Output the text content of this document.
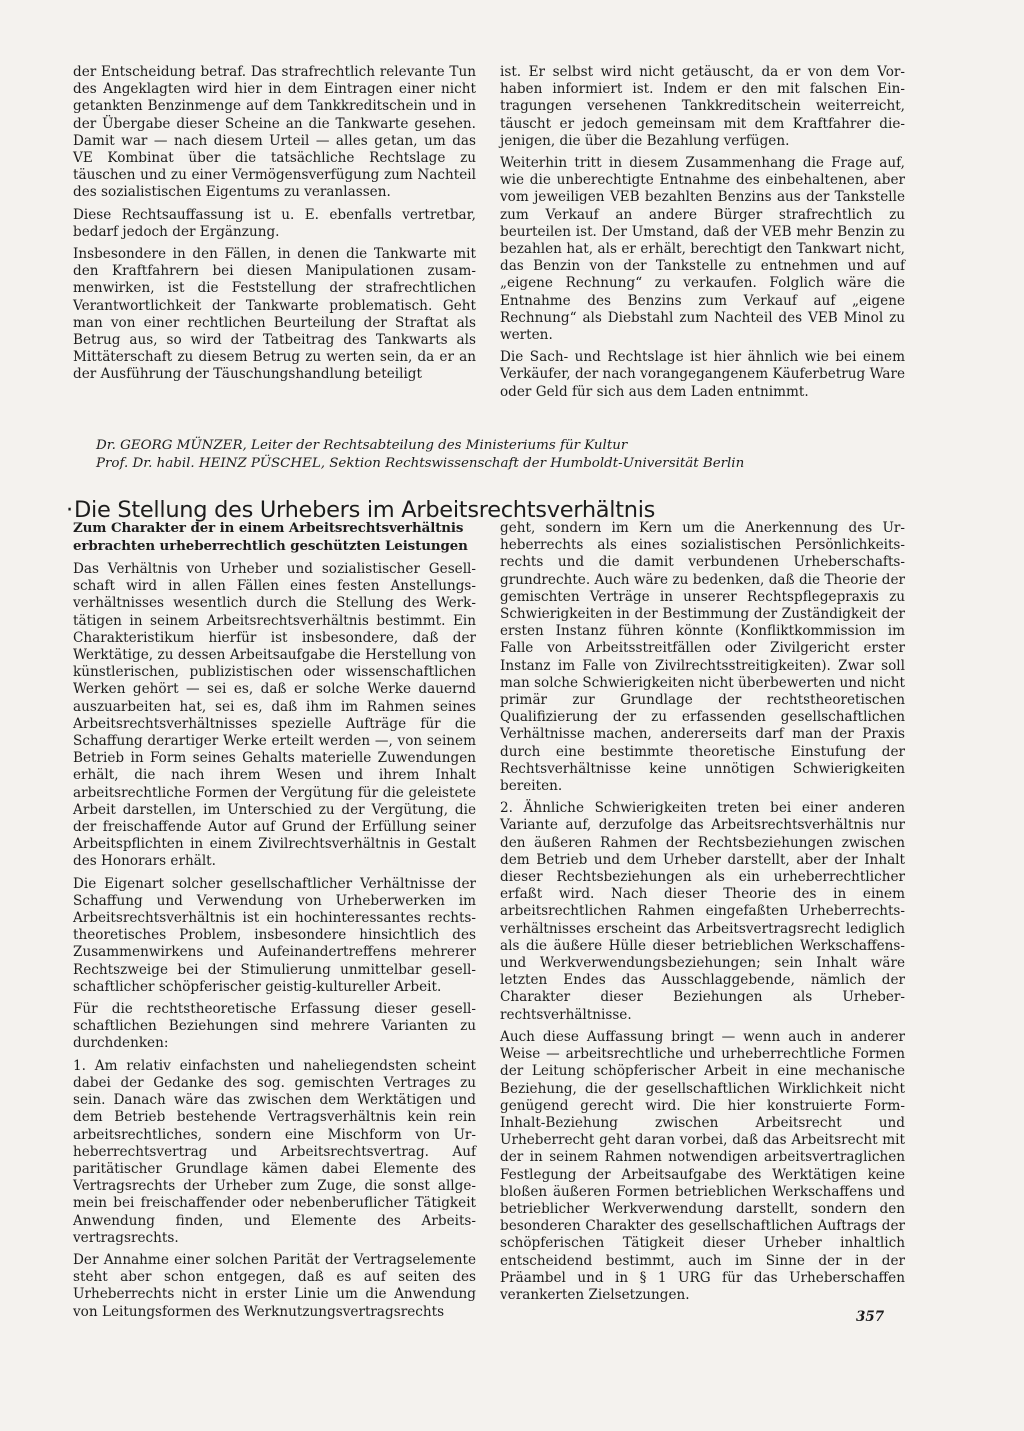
der Entscheidung betraf. Das strafrechtlich relevante Tun des Angeklagten wird hier in dem Eintragen einer nicht getankten Benzinmenge auf dem Tankkreditschein und in der Übergabe dieser Scheine an die Tankwarte gesehen. Damit war — nach diesem Urteil — alles getan, um das VE Kombinat über die tatsächliche Rechtslage zu täuschen und zu einer Vermögensverfügung zum Nachteil des sozialistischen Eigentums zu veranlassen.

Diese Rechtsauffassung ist u. E. ebenfalls vertretbar, bedarf jedoch der Ergänzung.

Insbesondere in den Fällen, in denen die Tankwarte mit den Kraftfahrern bei diesen Manipulationen zusammenwirken, ist die Feststellung der strafrechtlichen Verantwortlichkeit der Tankwarte problematisch. Geht man von einer rechtlichen Beurteilung der Straftat als Betrug aus, so wird der Tatbeitrag des Tankwarts als Mittäterschaft zu diesem Betrug zu werten sein, da er an der Ausführung der Täuschungshandlung beteiligt

ist. Er selbst wird nicht getäuscht, da er von dem Vorhaben informiert ist. Indem er den mit falschen Eintragungen versehenen Tankkreditschein weiterreicht, täuscht er jedoch gemeinsam mit dem Kraftfahrer diejenigen, die über die Bezahlung verfügen.

Weiterhin tritt in diesem Zusammenhang die Frage auf, wie die unberechtigte Entnahme des einbehaltenen, aber vom jeweiligen VEB bezahlten Benzins aus der Tankstelle zum Verkauf an andere Bürger strafrechtlich zu beurteilen ist. Der Umstand, daß der VEB mehr Benzin zu bezahlen hat, als er erhält, berechtigt den Tankwart nicht, das Benzin von der Tankstelle zu entnehmen und auf „eigene Rechnung“ zu verkaufen. Folglich wäre die Entnahme des Benzins zum Verkauf auf „eigene Rechnung“ als Diebstahl zum Nachteil des VEB Minol zu werten.

Die Sach- und Rechtslage ist hier ähnlich wie bei einem Verkäufer, der nach vorangegangenem Käuferbetrug Ware oder Geld für sich aus dem Laden entnimmt.

Dr. GEORG MÜNZER, Leiter der Rechtsabteilung des Ministeriums für Kultur
Prof. Dr. habil. HEINZ PÜSCHEL, Sektion Rechtswissenschaft der Humboldt-Universität Berlin
·Die Stellung des Urhebers im Arbeitsrechtsverhältnis
Zum Charakter der in einem Arbeitsrechtsverhältnis erbrachten urheberrechtlich geschützten Leistungen

Das Verhältnis von Urheber und sozialistischer Gesellschaft wird in allen Fällen eines festen Anstellungsverhältnisses wesentlich durch die Stellung des Werktätigen in seinem Arbeitsrechtsverhältnis bestimmt. Ein Charakteristikum hierfür ist insbesondere, daß der Werktätige, zu dessen Arbeitsaufgabe die Herstellung von künstlerischen, publizistischen oder wissenschaftlichen Werken gehört — sei es, daß er solche Werke dauernd auszuarbeiten hat, sei es, daß ihm im Rahmen seines Arbeitsrechtsverhältnisses spezielle Aufträge für die Schaffung derartiger Werke erteilt werden —, von seinem Betrieb in Form seines Gehalts materielle Zuwendungen erhält, die nach ihrem Wesen und ihrem Inhalt arbeitsrechtliche Formen der Vergütung für die geleistete Arbeit darstellen, im Unterschied zu der Vergütung, die der freischaffende Autor auf Grund der Erfüllung seiner Arbeitspflichten in einem Zivilrechtsverhältnis in Gestalt des Honorars erhält.

Die Eigenart solcher gesellschaftlicher Verhältnisse der Schaffung und Verwendung von Urheberwerken im Arbeitsrechtsverhältnis ist ein hochinteressantes rechtstheoretisches Problem, insbesondere hinsichtlich des Zusammenwirkens und Aufeinandertreffens mehrerer Rechtszweige bei der Stimulierung unmittelbar gesellschaftlicher schöpferischer geistig-kultureller Arbeit.

Für die rechtstheoretische Erfassung dieser gesellschaftlichen Beziehungen sind mehrere Varianten zu durchdenken:

1. Am relativ einfachsten und naheliegendsten scheint dabei der Gedanke des sog. gemischten Vertrages zu sein. Danach wäre das zwischen dem Werktätigen und dem Betrieb bestehende Vertragsverhältnis kein rein arbeitsrechtliches, sondern eine Mischform von Urheberrechtsvertrag und Arbeitsrechtsvertrag. Auf paritätischer Grundlage kämen dabei Elemente des Vertragsrechts der Urheber zum Zuge, die sonst allgemein bei freischaffender oder nebenberuflicher Tätigkeit Anwendung finden, und Elemente des Arbeitsvertragsrechts.

Der Annahme einer solchen Parität der Vertragselemente steht aber schon entgegen, daß es auf seiten des Urheberrechts nicht in erster Linie um die Anwendung von Leitungsformen des Werknutzungsvertragsrechts

geht, sondern im Kern um die Anerkennung des Urheberrechts als eines sozialistischen Persönlichkeitsrechts und die damit verbundenen Urheberschaftsgrundrechte. Auch wäre zu bedenken, daß die Theorie der gemischten Verträge in unserer Rechtspflegepraxis zu Schwierigkeiten in der Bestimmung der Zuständigkeit der ersten Instanz führen könnte (Konfliktkommission im Falle von Arbeitsstreitfällen oder Zivilgericht erster Instanz im Falle von Zivilrechtsstreitigkeiten). Zwar soll man solche Schwierigkeiten nicht überbewerten und nicht primär zur Grundlage der rechtstheoretischen Qualifizierung der zu erfassenden gesellschaftlichen Verhältnisse machen, andererseits darf man der Praxis durch eine bestimmte theoretische Einstufung der Rechtsverhältnisse keine unnötigen Schwierigkeiten bereiten.

2. Ähnliche Schwierigkeiten treten bei einer anderen Variante auf, derzufolge das Arbeitsrechtsverhältnis nur den äußeren Rahmen der Rechtsbeziehungen zwischen dem Betrieb und dem Urheber darstellt, aber der Inhalt dieser Rechtsbeziehungen als ein urheberrechtlicher erfaßt wird. Nach dieser Theorie des in einem arbeitsrechtlichen Rahmen eingefaßten Urheberrechtsverhältnisses erscheint das Arbeitsvertragsrecht lediglich als die äußere Hülle dieser betrieblichen Werkschaffens- und Werkverwendungsbeziehungen; sein Inhalt wäre letzten Endes das Ausschlaggebende, nämlich der Charakter dieser Beziehungen als Urheberrechtsverhältnisse.

Auch diese Auffassung bringt — wenn auch in anderer Weise — arbeitsrechtliche und urheberrechtliche Formen der Leitung schöpferischer Arbeit in eine mechanische Beziehung, die der gesellschaftlichen Wirklichkeit nicht genügend gerecht wird. Die hier konstruierte Form-Inhalt-Beziehung zwischen Arbeitsrecht und Urheberrecht geht daran vorbei, daß das Arbeitsrecht mit der in seinem Rahmen notwendigen arbeitsvertraglichen Festlegung der Arbeitsaufgabe des Werktätigen keine bloßen äußeren Formen betrieblichen Werkschaffens und betrieblicher Werkverwendung darstellt, sondern den besonderen Charakter des gesellschaftlichen Auftrags der schöpferischen Tätigkeit dieser Urheber inhaltlich entscheidend bestimmt, auch im Sinne der in der Präambel und in § 1 URG für das Urheberschaffen verankerten Zielsetzungen.

357
